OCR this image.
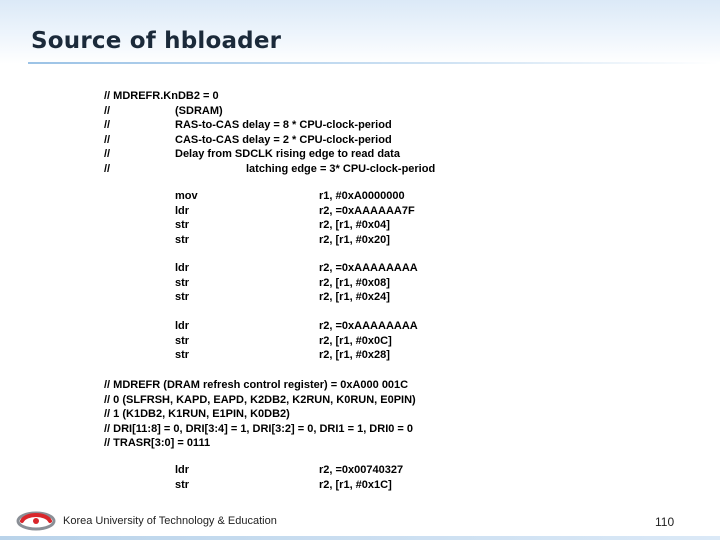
Source of hbloader
// MDREFR.KnDB2 = 0
//	(SDRAM)
//	RAS-to-CAS delay = 8 * CPU-clock-period
//	CAS-to-CAS delay = 2 * CPU-clock-period
//	Delay from SDCLK rising edge to read data
//	latching edge = 3* CPU-clock-period
mov	r1, #0xA0000000
ldr	r2, =0xAAAAAA7F
str	r2, [r1, #0x04]
str	r2, [r1, #0x20]
ldr	r2, =0xAAAAAAAA
str	r2, [r1, #0x08]
str	r2, [r1, #0x24]
ldr	r2, =0xAAAAAAAA
str	r2, [r1, #0x0C]
str	r2, [r1, #0x28]
// MDREFR (DRAM refresh control register) = 0xA000 001C
// 0 (SLFRSH, KAPD, EAPD, K2DB2, K2RUN, K0RUN, E0PIN)
// 1 (K1DB2, K1RUN, E1PIN, K0DB2)
// DRI[11:8] = 0, DRI[3:4] = 1, DRI[3:2] = 0, DRI1 = 1, DRI0 = 0
// TRASR[3:0] = 0111
ldr	r2, =0x00740327
str	r2, [r1, #0x1C]
Korea University of Technology & Education	110
